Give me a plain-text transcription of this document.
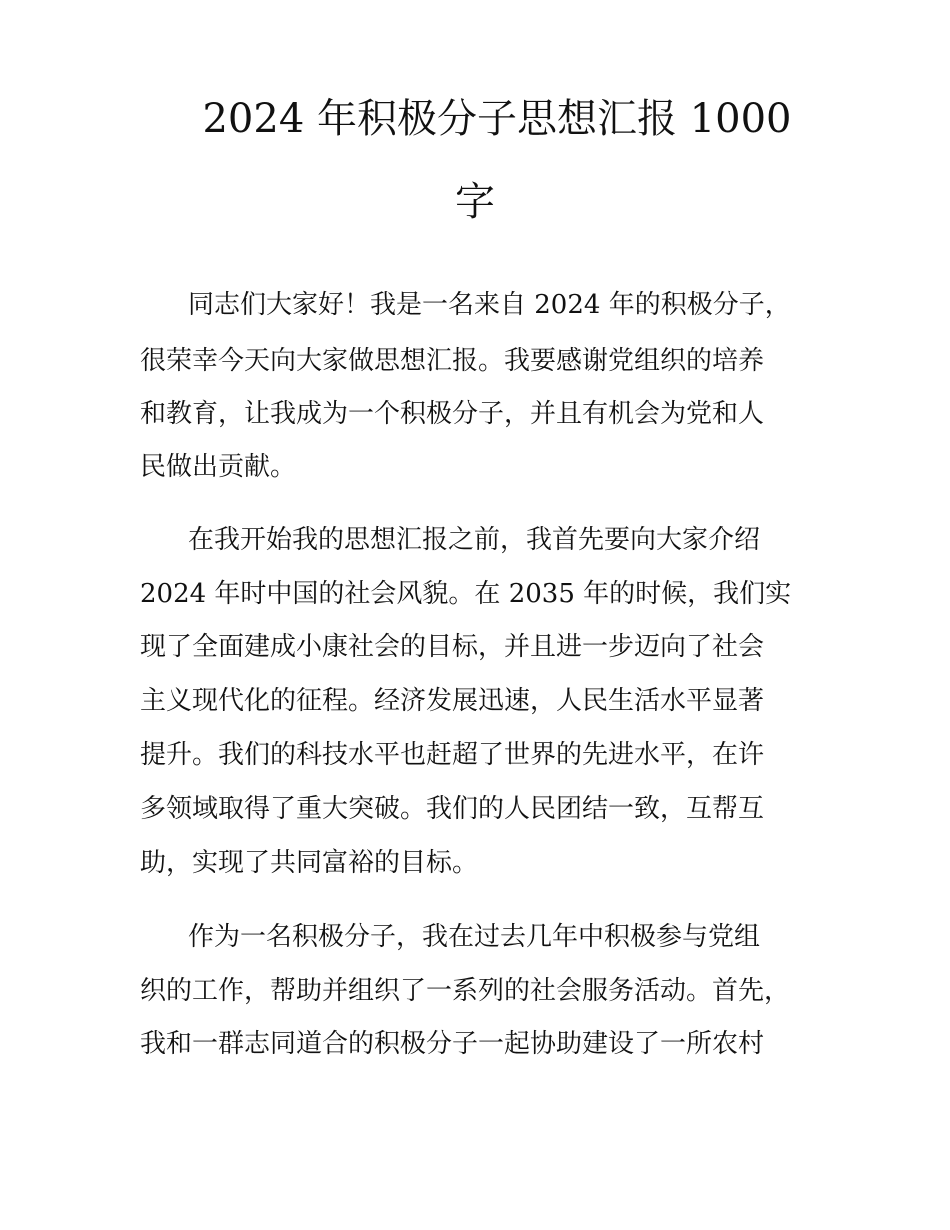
2024 年积极分子思想汇报 1000
字
同志们大家好！我是一名来自 2024 年的积极分子，
很荣幸今天向大家做思想汇报。我要感谢党组织的培养
和教育，让我成为一个积极分子，并且有机会为党和人
民做出贡献。
在我开始我的思想汇报之前，我首先要向大家介绍
2024 年时中国的社会风貌。在 2035 年的时候，我们实
现了全面建成小康社会的目标，并且进一步迈向了社会
主义现代化的征程。经济发展迅速，人民生活水平显著
提升。我们的科技水平也赶超了世界的先进水平，在许
多领域取得了重大突破。我们的人民团结一致，互帮互
助，实现了共同富裕的目标。
作为一名积极分子，我在过去几年中积极参与党组
织的工作，帮助并组织了一系列的社会服务活动。首先，
我和一群志同道合的积极分子一起协助建设了一所农村
